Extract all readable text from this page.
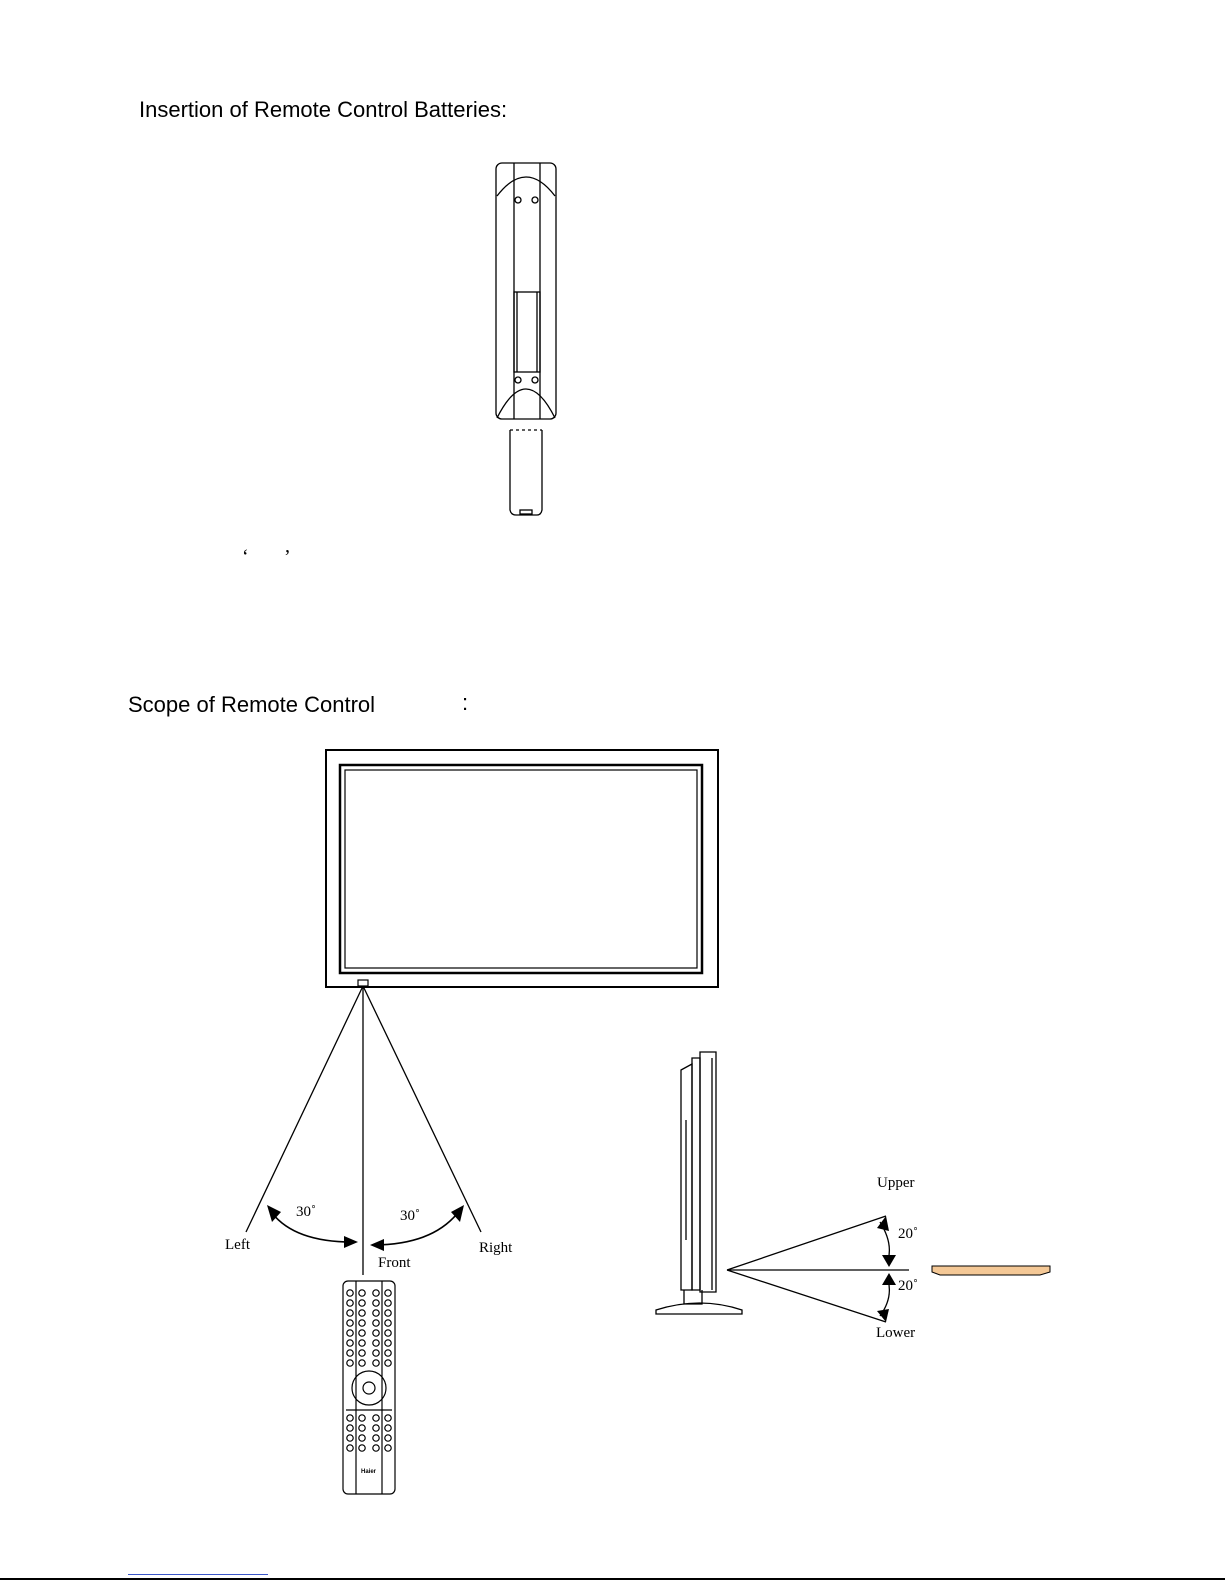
Insertion of Remote Control Batteries:
‘ ’
Scope of Remote Control	:
Left
Front
Right
30˚	30˚
Haier
Upper
Lower
20˚
20˚
